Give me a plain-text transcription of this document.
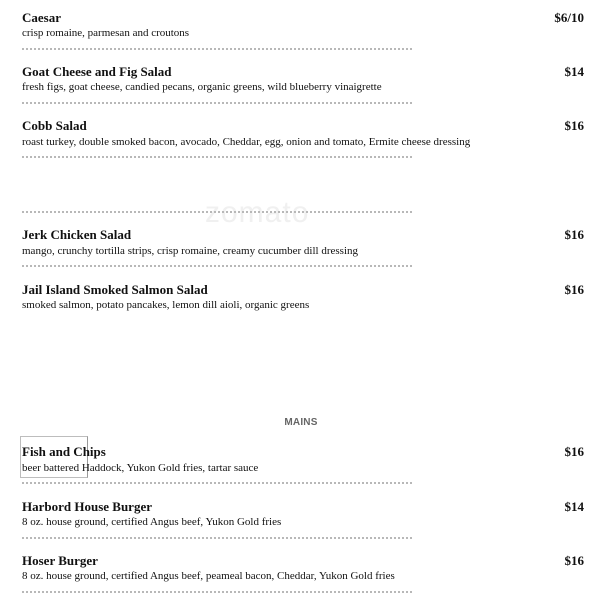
zomato
Caesar	$6/10
crisp romaine, parmesan and croutons
Goat Cheese and Fig Salad	$14
fresh figs, goat cheese, candied pecans, organic greens, wild blueberry vinaigrette
Cobb Salad	$16
roast turkey, double smoked bacon, avocado, Cheddar, egg, onion and tomato, Ermite cheese dressing
Jerk Chicken Salad	$16
mango, crunchy tortilla strips, crisp romaine, creamy cucumber dill dressing
Jail Island Smoked Salmon Salad	$16
smoked salmon, potato pancakes, lemon dill aioli, organic greens
MAINS
Fish and Chips	$16
beer battered Haddock, Yukon Gold fries, tartar sauce
Harbord House Burger	$14
8 oz. house ground, certified Angus beef, Yukon Gold fries
Hoser Burger	$16
8 oz. house ground, certified Angus beef, peameal bacon, Cheddar, Yukon Gold fries
